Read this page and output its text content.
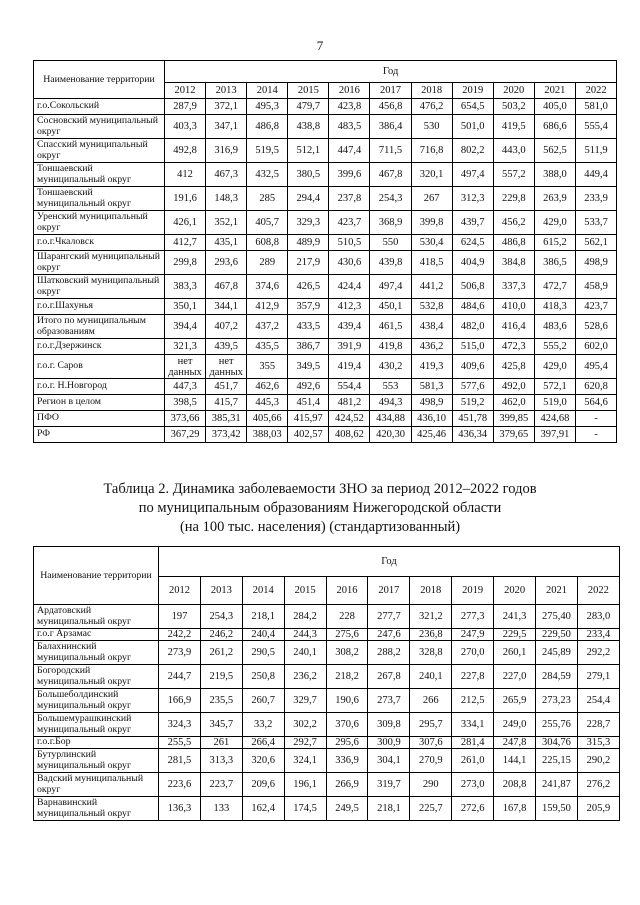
7
Наименование территории	Год										
	2012	2013	2014	2015	2016	2017	2018	2019	2020	2021	2022
г.о.Сокольский	287,9	372,1	495,3	479,7	423,8	456,8	476,2	654,5	503,2	405,0	581,0
Сосновский муниципальный округ	403,3	347,1	486,8	438,8	483,5	386,4	530	501,0	419,5	686,6	555,4
Спасский муниципальный округ	492,8	316,9	519,5	512,1	447,4	711,5	716,8	802,2	443,0	562,5	511,9
Тоншаевский муниципальный округ	412	467,3	432,5	380,5	399,6	467,8	320,1	497,4	557,2	388,0	449,4
Тоншаевский муниципальный округ	191,6	148,3	285	294,4	237,8	254,3	267	312,3	229,8	263,9	233,9
Уренский муниципальный округ	426,1	352,1	405,7	329,3	423,7	368,9	399,8	439,7	456,2	429,0	533,7
г.о.г.Чкаловск	412,7	435,1	608,8	489,9	510,5	550	530,4	624,5	486,8	615,2	562,1
Шарангский муниципальный округ	299,8	293,6	289	217,9	430,6	439,8	418,5	404,9	384,8	386,5	498,9
Шатковский муниципальный округ	383,3	467,8	374,6	426,5	424,4	497,4	441,2	506,8	337,3	472,7	458,9
г.о.г.Шахунья	350,1	344,1	412,9	357,9	412,3	450,1	532,8	484,6	410,0	418,3	423,7
Итого по муниципальным образованиям	394,4	407,2	437,2	433,5	439,4	461,5	438,4	482,0	416,4	483,6	528,6
г.о.г.Дзержинск	321,3	439,5	435,5	386,7	391,9	419,8	436,2	515,0	472,3	555,2	602,0
г.о.г. Саров	нет данных	нет данных	355	349,5	419,4	430,2	419,3	409,6	425,8	429,0	495,4
г.о.г. Н.Новгород	447,3	451,7	462,6	492,6	554,4	553	581,3	577,6	492,0	572,1	620,8
Регион в целом	398,5	415,7	445,3	451,4	481,2	494,3	498,9	519,2	462,0	519,0	564,6
ПФО	373,66	385,31	405,66	415,97	424,52	434,88	436,10	451,78	399,85	424,68	-
РФ	367,29	373,42	388,03	402,57	408,62	420,30	425,46	436,34	379,65	397,91	-
Таблица 2. Динамика заболеваемости ЗНО за период 2012–2022 годов
по муниципальным образованиям Нижегородской области
(на 100 тыс. населения) (стандартизованный)
Наименование территории	Год										
	2012	2013	2014	2015	2016	2017	2018	2019	2020	2021	2022
Ардатовский муниципальный округ	197	254,3	218,1	284,2	228	277,7	321,2	277,3	241,3	275,40	283,0
г.о.г Арзамас	242,2	246,2	240,4	244,3	275,6	247,6	236,8	247,9	229,5	229,50	233,4
Балахнинский муниципальный округ	273,9	261,2	290,5	240,1	308,2	288,2	328,8	270,0	260,1	245,89	292,2
Богородский муниципальный округ	244,7	219,5	250,8	236,2	218,2	267,8	240,1	227,8	227,0	284,59	279,1
Большеболдинский муниципальный округ	166,9	235,5	260,7	329,7	190,6	273,7	266	212,5	265,9	273,23	254,4
Большемурашкинский муниципальный округ	324,3	345,7	33,2	302,2	370,6	309,8	295,7	334,1	249,0	255,76	228,7
г.о.г.Бор	255,5	261	266,4	292,7	295,6	300,9	307,6	281,4	247,8	304,76	315,3
Бутурлинский муниципальный округ	281,5	313,3	320,6	324,1	336,9	304,1	270,9	261,0	144,1	225,15	290,2
Вадский муниципальный округ	223,6	223,7	209,6	196,1	266,9	319,7	290	273,0	208,8	241,87	276,2
Варнавинский муниципальный округ	136,3	133	162,4	174,5	249,5	218,1	225,7	272,6	167,8	159,50	205,9
